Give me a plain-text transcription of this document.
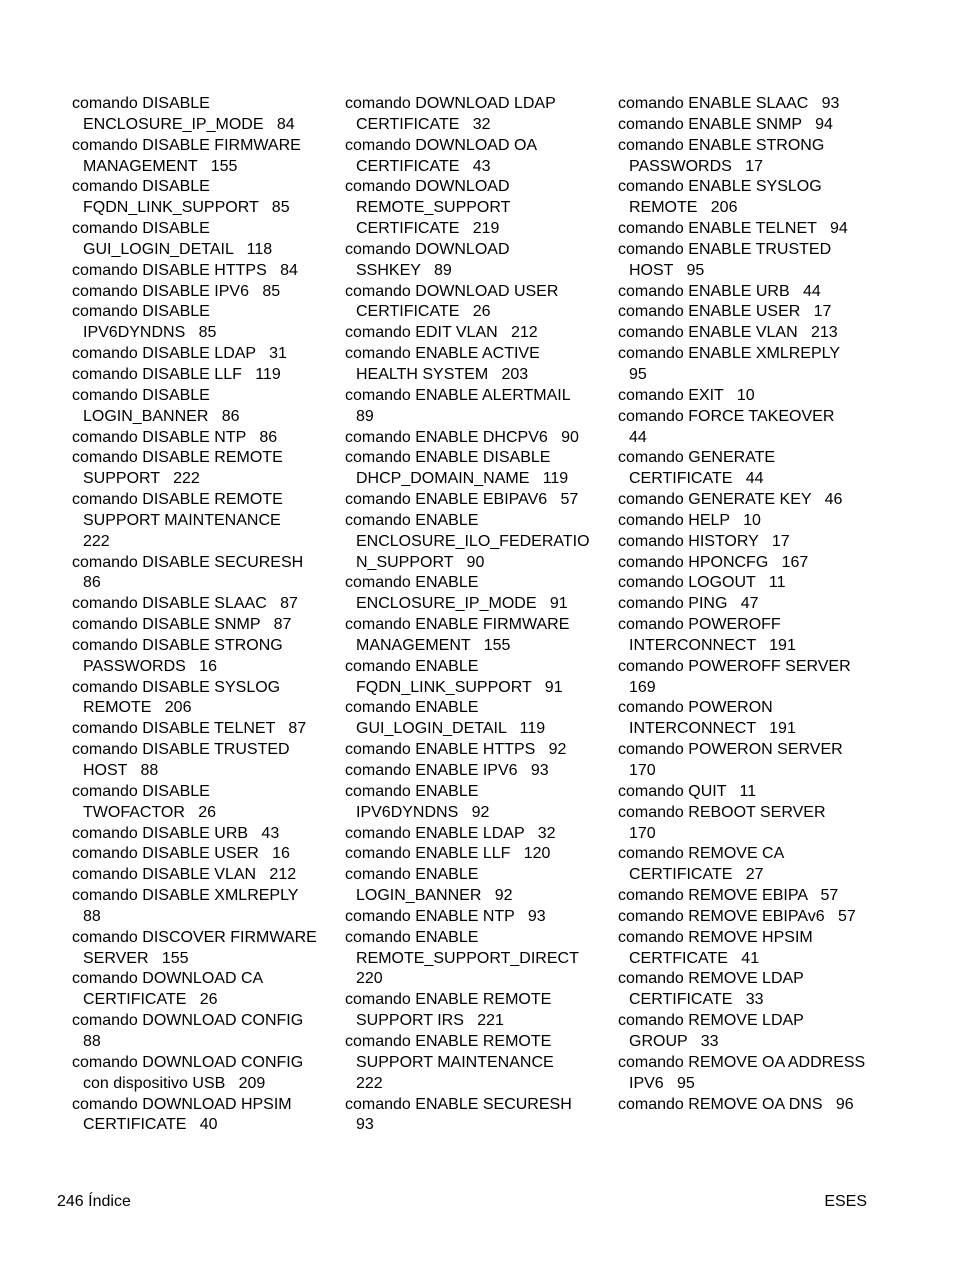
comando DISABLE
ENCLOSURE_IP_MODE   84

comando DISABLE FIRMWARE
MANAGEMENT   155

comando DISABLE
FQDN_LINK_SUPPORT   85

comando DISABLE
GUI_LOGIN_DETAIL   118

comando DISABLE HTTPS   84

comando DISABLE IPV6   85

comando DISABLE
IPV6DYNDNS   85

comando DISABLE LDAP   31

comando DISABLE LLF   119

comando DISABLE
LOGIN_BANNER   86

comando DISABLE NTP   86

comando DISABLE REMOTE
SUPPORT   222

comando DISABLE REMOTE
SUPPORT MAINTENANCE
222

comando DISABLE SECURESH
86

comando DISABLE SLAAC   87

comando DISABLE SNMP   87

comando DISABLE STRONG
PASSWORDS   16

comando DISABLE SYSLOG
REMOTE   206

comando DISABLE TELNET   87

comando DISABLE TRUSTED
HOST   88

comando DISABLE
TWOFACTOR   26

comando DISABLE URB   43

comando DISABLE USER   16

comando DISABLE VLAN   212

comando DISABLE XMLREPLY
88

comando DISCOVER FIRMWARE
SERVER   155

comando DOWNLOAD CA
CERTIFICATE   26

comando DOWNLOAD CONFIG
88

comando DOWNLOAD CONFIG
con dispositivo USB   209

comando DOWNLOAD HPSIM
CERTIFICATE   40

comando DOWNLOAD LDAP
CERTIFICATE   32

comando DOWNLOAD OA
CERTIFICATE   43

comando DOWNLOAD
REMOTE_SUPPORT
CERTIFICATE   219

comando DOWNLOAD
SSHKEY   89

comando DOWNLOAD USER
CERTIFICATE   26

comando EDIT VLAN   212

comando ENABLE ACTIVE
HEALTH SYSTEM   203

comando ENABLE ALERTMAIL
89

comando ENABLE DHCPV6   90

comando ENABLE DISABLE
DHCP_DOMAIN_NAME   119

comando ENABLE EBIPAV6   57

comando ENABLE
ENCLOSURE_ILO_FEDERATIO
N_SUPPORT   90

comando ENABLE
ENCLOSURE_IP_MODE   91

comando ENABLE FIRMWARE
MANAGEMENT   155

comando ENABLE
FQDN_LINK_SUPPORT   91

comando ENABLE
GUI_LOGIN_DETAIL   119

comando ENABLE HTTPS   92

comando ENABLE IPV6   93

comando ENABLE
IPV6DYNDNS   92

comando ENABLE LDAP   32

comando ENABLE LLF   120

comando ENABLE
LOGIN_BANNER   92

comando ENABLE NTP   93

comando ENABLE
REMOTE_SUPPORT_DIRECT
220

comando ENABLE REMOTE
SUPPORT IRS   221

comando ENABLE REMOTE
SUPPORT MAINTENANCE
222

comando ENABLE SECURESH
93

comando ENABLE SLAAC   93

comando ENABLE SNMP   94

comando ENABLE STRONG
PASSWORDS   17

comando ENABLE SYSLOG
REMOTE   206

comando ENABLE TELNET   94

comando ENABLE TRUSTED
HOST   95

comando ENABLE URB   44

comando ENABLE USER   17

comando ENABLE VLAN   213

comando ENABLE XMLREPLY
95

comando EXIT   10

comando FORCE TAKEOVER
44

comando GENERATE
CERTIFICATE   44

comando GENERATE KEY   46

comando HELP   10

comando HISTORY   17

comando HPONCFG   167

comando LOGOUT   11

comando PING   47

comando POWEROFF
INTERCONNECT   191

comando POWEROFF SERVER
169

comando POWERON
INTERCONNECT   191

comando POWERON SERVER
170

comando QUIT   11

comando REBOOT SERVER
170

comando REMOVE CA
CERTIFICATE   27

comando REMOVE EBIPA   57

comando REMOVE EBIPAv6   57

comando REMOVE HPSIM
CERTFICATE   41

comando REMOVE LDAP
CERTIFICATE   33

comando REMOVE LDAP
GROUP   33

comando REMOVE OA ADDRESS
IPV6   95

comando REMOVE OA DNS   96

246 Índice	ESES
